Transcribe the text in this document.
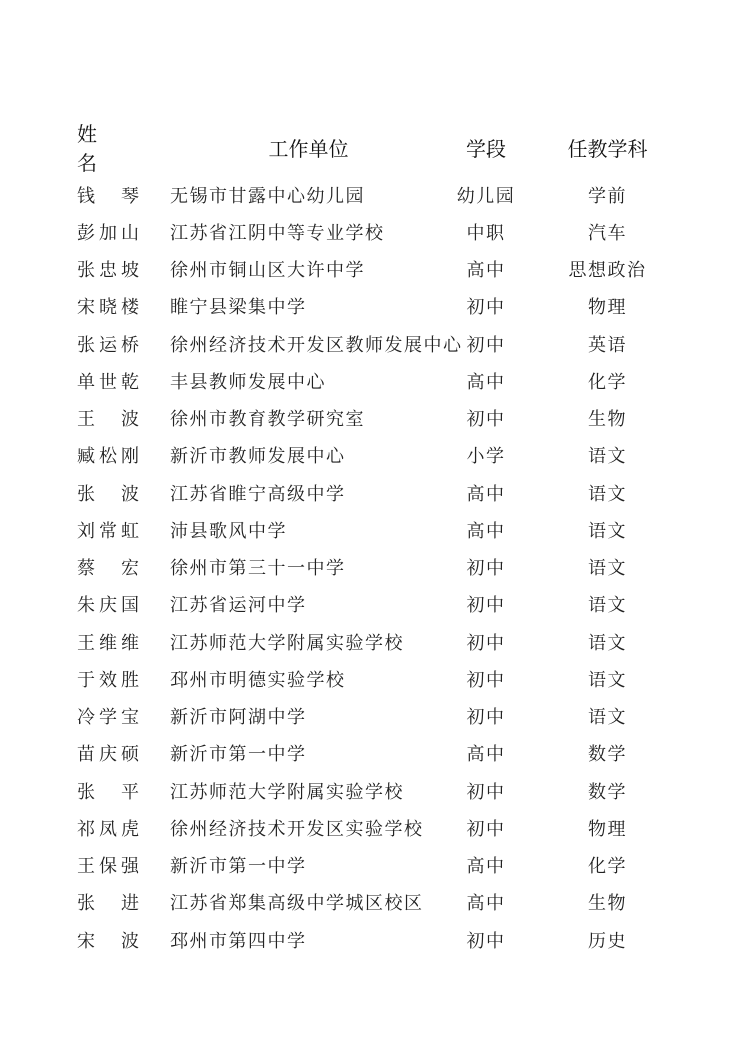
姓 名	工作单位	学段	任教学科
钱　琴	无锡市甘露中心幼儿园	幼儿园	学前
彭加山	江苏省江阴中等专业学校	中职	汽车
张忠坡	徐州市铜山区大许中学	高中	思想政治
宋晓楼	睢宁县梁集中学	初中	物理
张运桥	徐州经济技术开发区教师发展中心	初中	英语
单世乾	丰县教师发展中心	高中	化学
王　波	徐州市教育教学研究室	初中	生物
臧松刚	新沂市教师发展中心	小学	语文
张　波	江苏省睢宁高级中学	高中	语文
刘常虹	沛县歌风中学	高中	语文
蔡　宏	徐州市第三十一中学	初中	语文
朱庆国	江苏省运河中学	初中	语文
王维维	江苏师范大学附属实验学校	初中	语文
于效胜	邳州市明德实验学校	初中	语文
冷学宝	新沂市阿湖中学	初中	语文
苗庆硕	新沂市第一中学	高中	数学
张　平	江苏师范大学附属实验学校	初中	数学
祁凤虎	徐州经济技术开发区实验学校	初中	物理
王保强	新沂市第一中学	高中	化学
张　进	江苏省郑集高级中学城区校区	高中	生物
宋　波	邳州市第四中学	初中	历史
